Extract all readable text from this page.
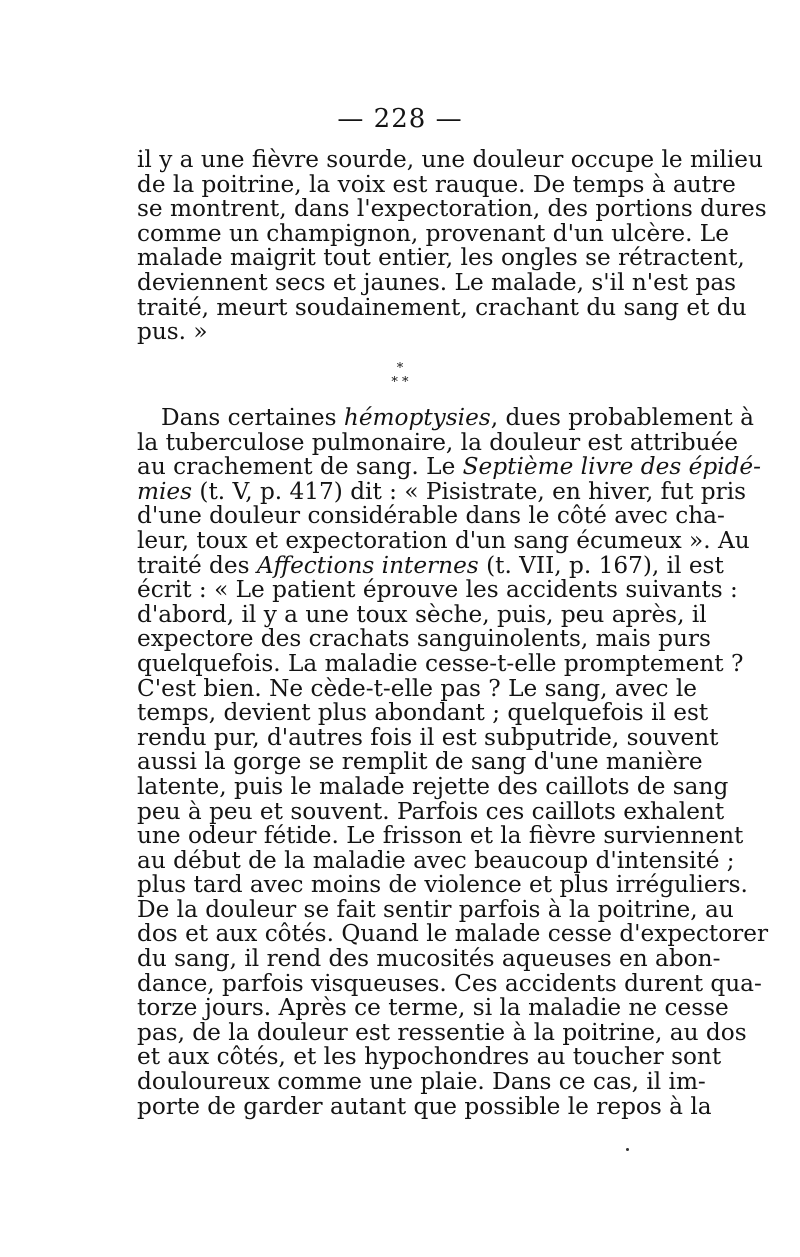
— 228 —
il y a une fièvre sourde, une douleur occupe le milieu
de la poitrine, la voix est rauque. De temps à autre
se montrent, dans l'expectoration, des portions dures
comme un champignon, provenant d'un ulcère. Le
malade maigrit tout entier, les ongles se rétractent,
deviennent secs et jaunes. Le malade, s'il n'est pas
traité, meurt soudainement, crachant du sang et du
pus. »
*
* *
Dans certaines hémoptysies, dues probablement à
la tuberculose pulmonaire, la douleur est attribuée
au crachement de sang. Le Septième livre des épidé-
mies (t. V, p. 417) dit : « Pisistrate, en hiver, fut pris
d'une douleur considérable dans le côté avec cha-
leur, toux et expectoration d'un sang écumeux ». Au
traité des Affections internes (t. VII, p. 167), il est
écrit : « Le patient éprouve les accidents suivants :
d'abord, il y a une toux sèche, puis, peu après, il
expectore des crachats sanguinolents, mais purs
quelquefois. La maladie cesse-t-elle promptement ?
C'est bien. Ne cède-t-elle pas ? Le sang, avec le
temps, devient plus abondant ; quelquefois il est
rendu pur, d'autres fois il est subputride, souvent
aussi la gorge se remplit de sang d'une manière
latente, puis le malade rejette des caillots de sang
peu à peu et souvent. Parfois ces caillots exhalent
une odeur fétide. Le frisson et la fièvre surviennent
au début de la maladie avec beaucoup d'intensité ;
plus tard avec moins de violence et plus irréguliers.
De la douleur se fait sentir parfois à la poitrine, au
dos et aux côtés. Quand le malade cesse d'expectorer
du sang, il rend des mucosités aqueuses en abon-
dance, parfois visqueuses. Ces accidents durent qua-
torze jours. Après ce terme, si la maladie ne cesse
pas, de la douleur est ressentie à la poitrine, au dos
et aux côtés, et les hypochondres au toucher sont
douloureux comme une plaie. Dans ce cas, il im-
porte de garder autant que possible le repos à la
